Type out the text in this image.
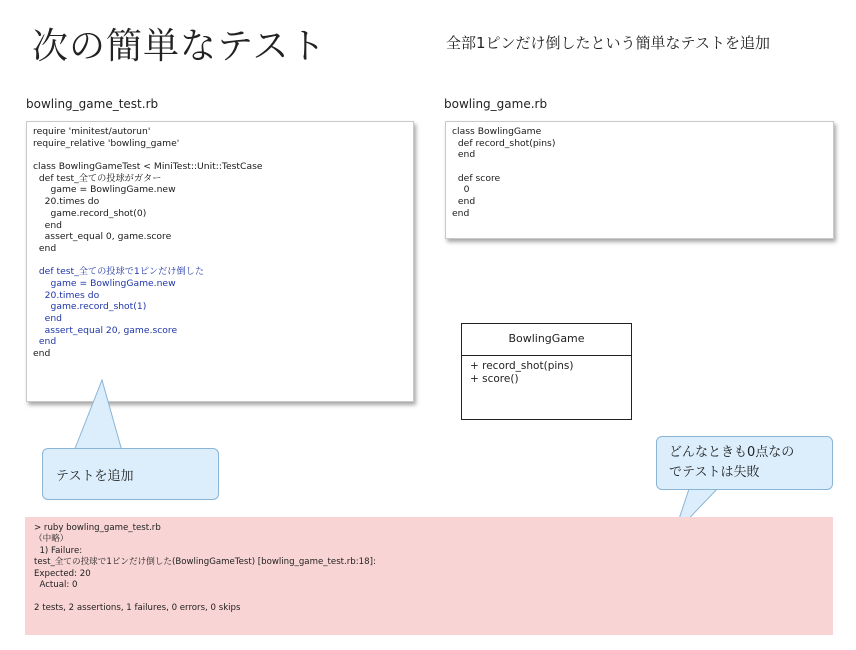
次の簡単なテスト	全部1ピンだけ倒したという簡単なテストを追加
bowling_game_test.rb	bowling_game.rb
require 'minitest/autorun'
require_relative 'bowling_game'
class BowlingGameTest < MiniTest::Unit::TestCase
def test_全ての投球がガター
game = BowlingGame.new
20.times do
game.record_shot(0)
end
assert_equal 0, game.score
end
def test_全ての投球で1ピンだけ倒した
game = BowlingGame.new
20.times do
game.record_shot(1)
end
assert_equal 20, game.score
end
end
class BowlingGame
def record_shot(pins)
end
def score
0
end
end
BowlingGame
+ record_shot(pins)
+ score()
テストを追加
どんなときも0点なの
でテストは失敗
> ruby bowling_game_test.rb
（中略）
1) Failure:
test_全ての投球で1ピンだけ倒した(BowlingGameTest) [bowling_game_test.rb:18]:
Expected: 20
Actual: 0
2 tests, 2 assertions, 1 failures, 0 errors, 0 skips
